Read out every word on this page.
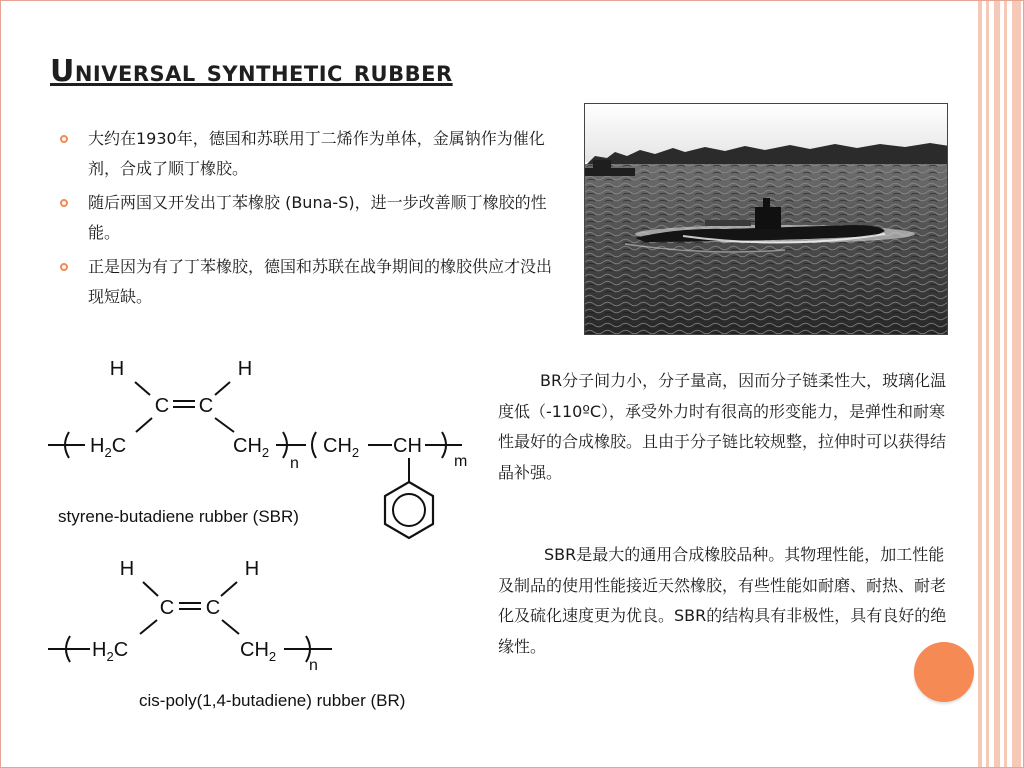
Universal synthetic rubber
大约在1930年，德国和苏联用丁二烯作为单体，金属钠作为催化剂，合成了顺丁橡胶。
随后两国又开发出丁苯橡胶 (Buna-S)，进一步改善顺丁橡胶的性能。
正是因为有了丁苯橡胶，德国和苏联在战争期间的橡胶供应才没出现短缺。
H	H
C C
$H_2C$	$CH_2$
n
$CH_2$ CH
m
styrene-butadiene rubber (SBR)
H	H
C C
$H_2C$	$CH_2$
n
cis-poly(1,4-butadiene) rubber (BR)

BR分子间力小，分子量高，因而分子链柔性大，玻璃化温度低（-110ºC），承受外力时有很高的形变能力，是弹性和耐寒性最好的合成橡胶。且由于分子链比较规整，拉伸时可以获得结晶补强。

SBR是最大的通用合成橡胶品种。其物理性能，加工性能及制品的使用性能接近天然橡胶，有些性能如耐磨、耐热、耐老化及硫化速度更为优良。SBR的结构具有非极性，具有良好的绝缘性。
